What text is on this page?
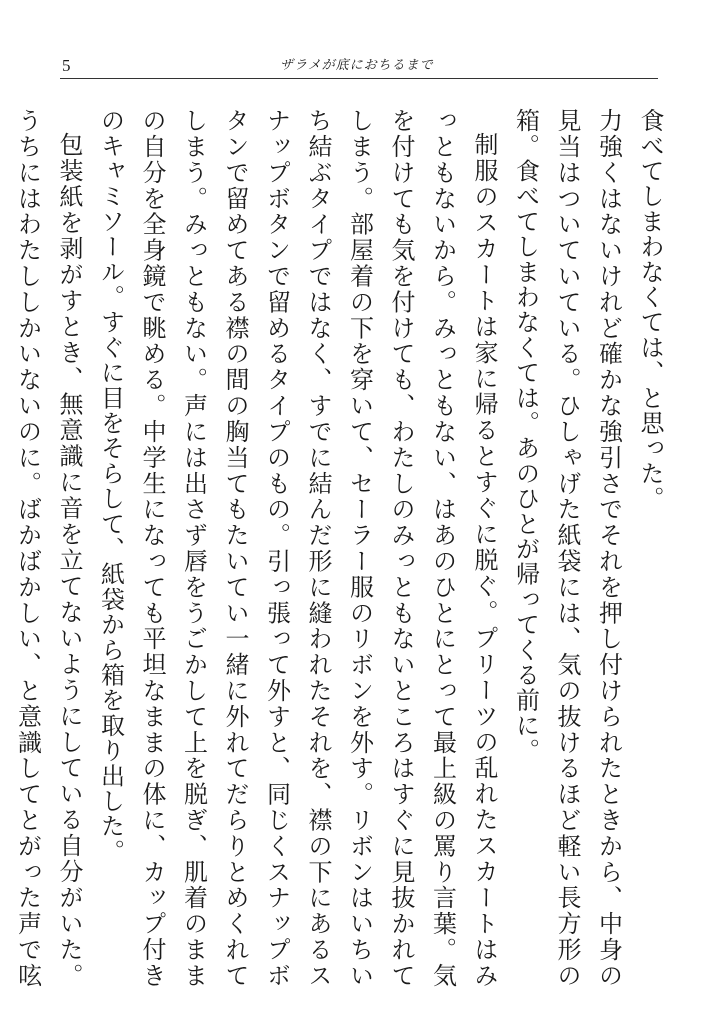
5	ザラメが底におちるまで

食べてしまわなくては、と思った。

力強くはないけれど確かな強引さでそれを押し付けられたときから、中身の見当はついていている。ひしゃげた紙袋には、気の抜けるほど軽い長方形の箱。食べてしまわなくては。あのひとが帰ってくる前に。

制服のスカートは家に帰るとすぐに脱ぐ。プリーツの乱れたスカートはみっともないから。みっともない、はあのひとにとって最上級の罵り言葉。気を付けても気を付けても、わたしのみっともないところはすぐに見抜かれてしまう。部屋着の下を穿いて、セーラー服のリボンを外す。リボンはいちいち結ぶタイプではなく、すでに結んだ形に縫われたそれを、襟の下にあるスナップボタンで留めるタイプのもの。引っ張って外すと、同じくスナップボタンで留めてある襟の間の胸当てもたいてい一緒に外れてだらりとめくれてしまう。みっともない。声には出さず唇をうごかして上を脱ぎ、肌着のままの自分を全身鏡で眺める。中学生になっても平坦なままの体に、カップ付きのキャミソール。すぐに目をそらして、紙袋から箱を取り出した。

包装紙を剥がすとき、無意識に音を立てないようにしている自分がいた。うちにはわたししかいないのに。ばかばかしい、と意識してとがった声で呟
